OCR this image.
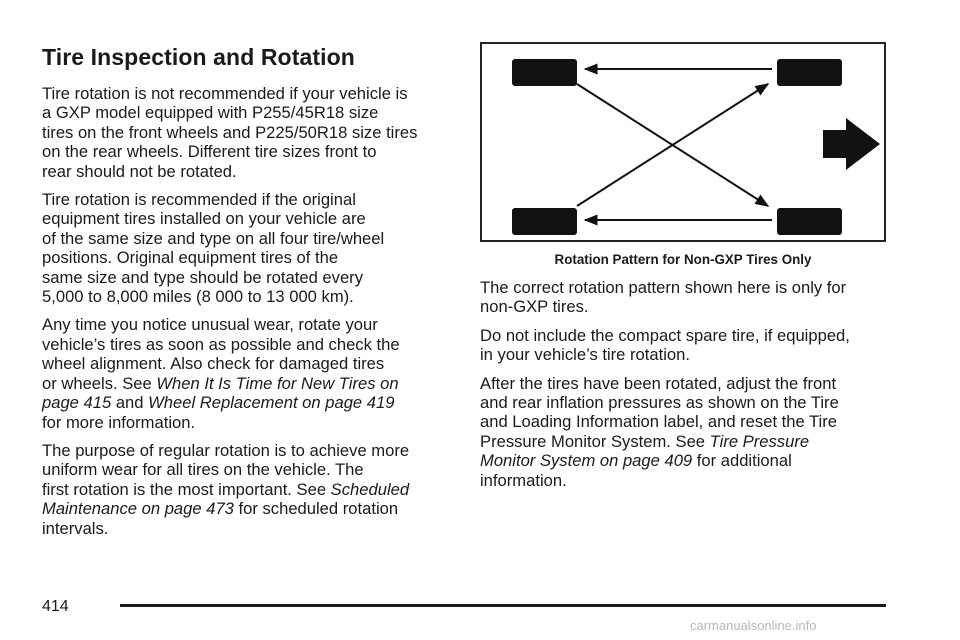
Tire Inspection and Rotation

Tire rotation is not recommended if your vehicle is
a GXP model equipped with P255/45R18 size
tires on the front wheels and P225/50R18 size tires
on the rear wheels. Different tire sizes front to
rear should not be rotated.

Tire rotation is recommended if the original
equipment tires installed on your vehicle are
of the same size and type on all four tire/wheel
positions. Original equipment tires of the
same size and type should be rotated every
5,000 to 8,000 miles (8 000 to 13 000 km).

Any time you notice unusual wear, rotate your
vehicle’s tires as soon as possible and check the
wheel alignment. Also check for damaged tires
or wheels. See When It Is Time for New Tires on
page 415 and Wheel Replacement on page 419
for more information.

The purpose of regular rotation is to achieve more
uniform wear for all tires on the vehicle. The
first rotation is the most important. See Scheduled
Maintenance on page 473 for scheduled rotation
intervals.

Rotation Pattern for Non-GXP Tires Only

The correct rotation pattern shown here is only for
non-GXP tires.

Do not include the compact spare tire, if equipped,
in your vehicle’s tire rotation.

After the tires have been rotated, adjust the front
and rear inflation pressures as shown on the Tire
and Loading Information label, and reset the Tire
Pressure Monitor System. See Tire Pressure
Monitor System on page 409 for additional
information.

414
carmanualsonline.info
